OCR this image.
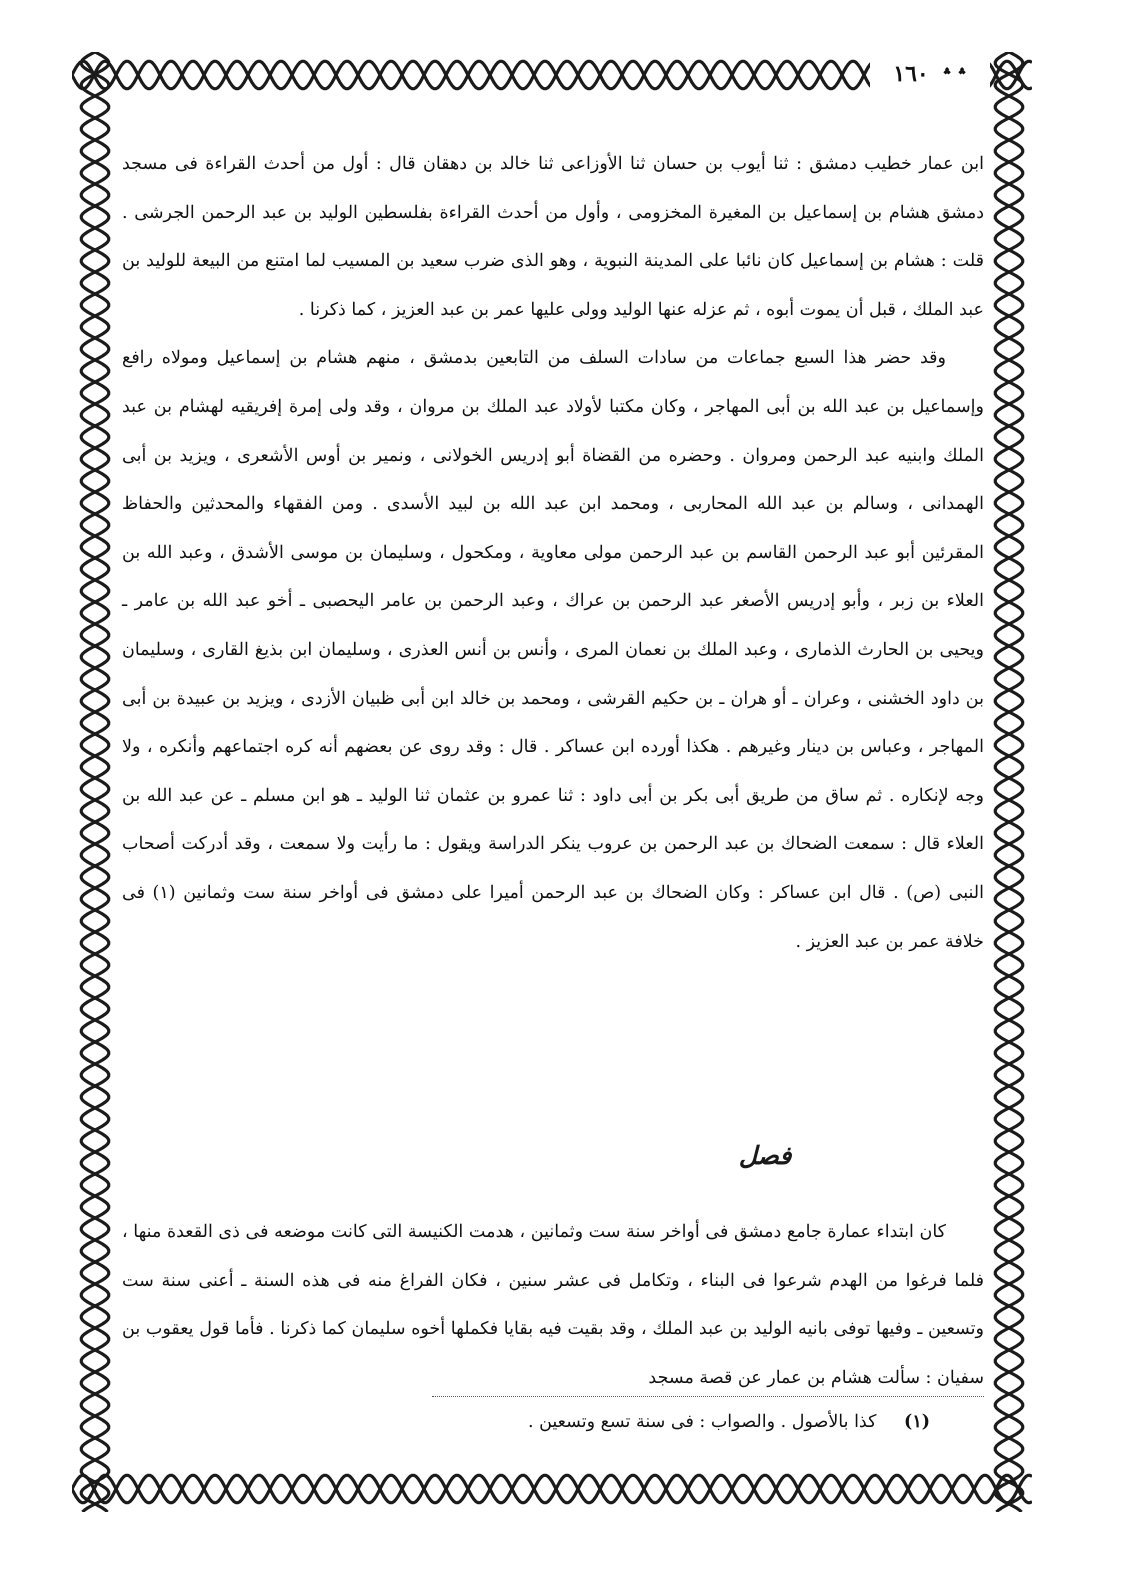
؞ ؞ ١٦٠

ابن عمار خطيب دمشق : ثنا أيوب بن حسان ثنا الأوزاعى ثنا خالد بن دهقان قال : أول من أحدث القراءة فى مسجد دمشق هشام بن إسماعيل بن المغيرة المخزومى ، وأول من أحدث القراءة بفلسطين الوليد بن عبد الرحمن الجرشى . قلت : هشام بن إسماعيل كان نائبا على المدينة النبوية ، وهو الذى ضرب سعيد بن المسيب لما امتنع من البيعة للوليد بن عبد الملك ، قبل أن يموت أبوه ، ثم عزله عنها الوليد وولى عليها عمر بن عبد العزيز ، كما ذكرنا .

وقد حضر هذا السبع جماعات من سادات السلف من التابعين بدمشق ، منهم هشام بن إسماعيل ومولاه رافع وإسماعيل بن عبد الله بن أبى المهاجر ، وكان مكتبا لأولاد عبد الملك بن مروان ، وقد ولى إمرة إفريقيه لهشام بن عبد الملك وابنيه عبد الرحمن ومروان . وحضره من القضاة أبو إدريس الخولانى ، ونمير بن أوس الأشعرى ، ويزيد بن أبى الهمدانى ، وسالم بن عبد الله المحاربى ، ومحمد ابن عبد الله بن لبيد الأسدى . ومن الفقهاء والمحدثين والحفاظ المقرئين أبو عبد الرحمن القاسم بن عبد الرحمن مولى معاوية ، ومكحول ، وسليمان بن موسى الأشدق ، وعبد الله بن العلاء بن زبر ، وأبو إدريس الأصغر عبد الرحمن بن عراك ، وعبد الرحمن بن عامر اليحصبى ـ أخو عبد الله بن عامر ـ ويحيى بن الحارث الذمارى ، وعبد الملك بن نعمان المرى ، وأنس بن أنس العذرى ، وسليمان ابن بذيغ القارى ، وسليمان بن داود الخشنى ، وعران ـ أو هران ـ بن حكيم القرشى ، ومحمد بن خالد ابن أبى ظبيان الأزدى ، ويزيد بن عبيدة بن أبى المهاجر ، وعباس بن دينار وغيرهم . هكذا أورده ابن عساكر . قال : وقد روى عن بعضهم أنه كره اجتماعهم وأنكره ، ولا وجه لإنكاره . ثم ساق من طريق أبى بكر بن أبى داود : ثنا عمرو بن عثمان ثنا الوليد ـ هو ابن مسلم ـ عن عبد الله بن العلاء قال : سمعت الضحاك بن عبد الرحمن بن عروب ينكر الدراسة ويقول : ما رأيت ولا سمعت ، وقد أدركت أصحاب النبى (ص) . قال ابن عساكر : وكان الضحاك بن عبد الرحمن أميرا على دمشق فى أواخر سنة ست وثمانين (١) فى خلافة عمر بن عبد العزيز .

فصل

كان ابتداء عمارة جامع دمشق فى أواخر سنة ست وثمانين ، هدمت الكنيسة التى كانت موضعه فى ذى القعدة منها ، فلما فرغوا من الهدم شرعوا فى البناء ، وتكامل فى عشر سنين ، فكان الفراغ منه فى هذه السنة ـ أعنى سنة ست وتسعين ـ وفيها توفى بانيه الوليد بن عبد الملك ، وقد بقيت فيه بقايا فكملها أخوه سليمان كما ذكرنا . فأما قول يعقوب بن سفيان : سألت هشام بن عمار عن قصة مسجد

(١) كذا بالأصول . والصواب : فى سنة تسع وتسعين .
